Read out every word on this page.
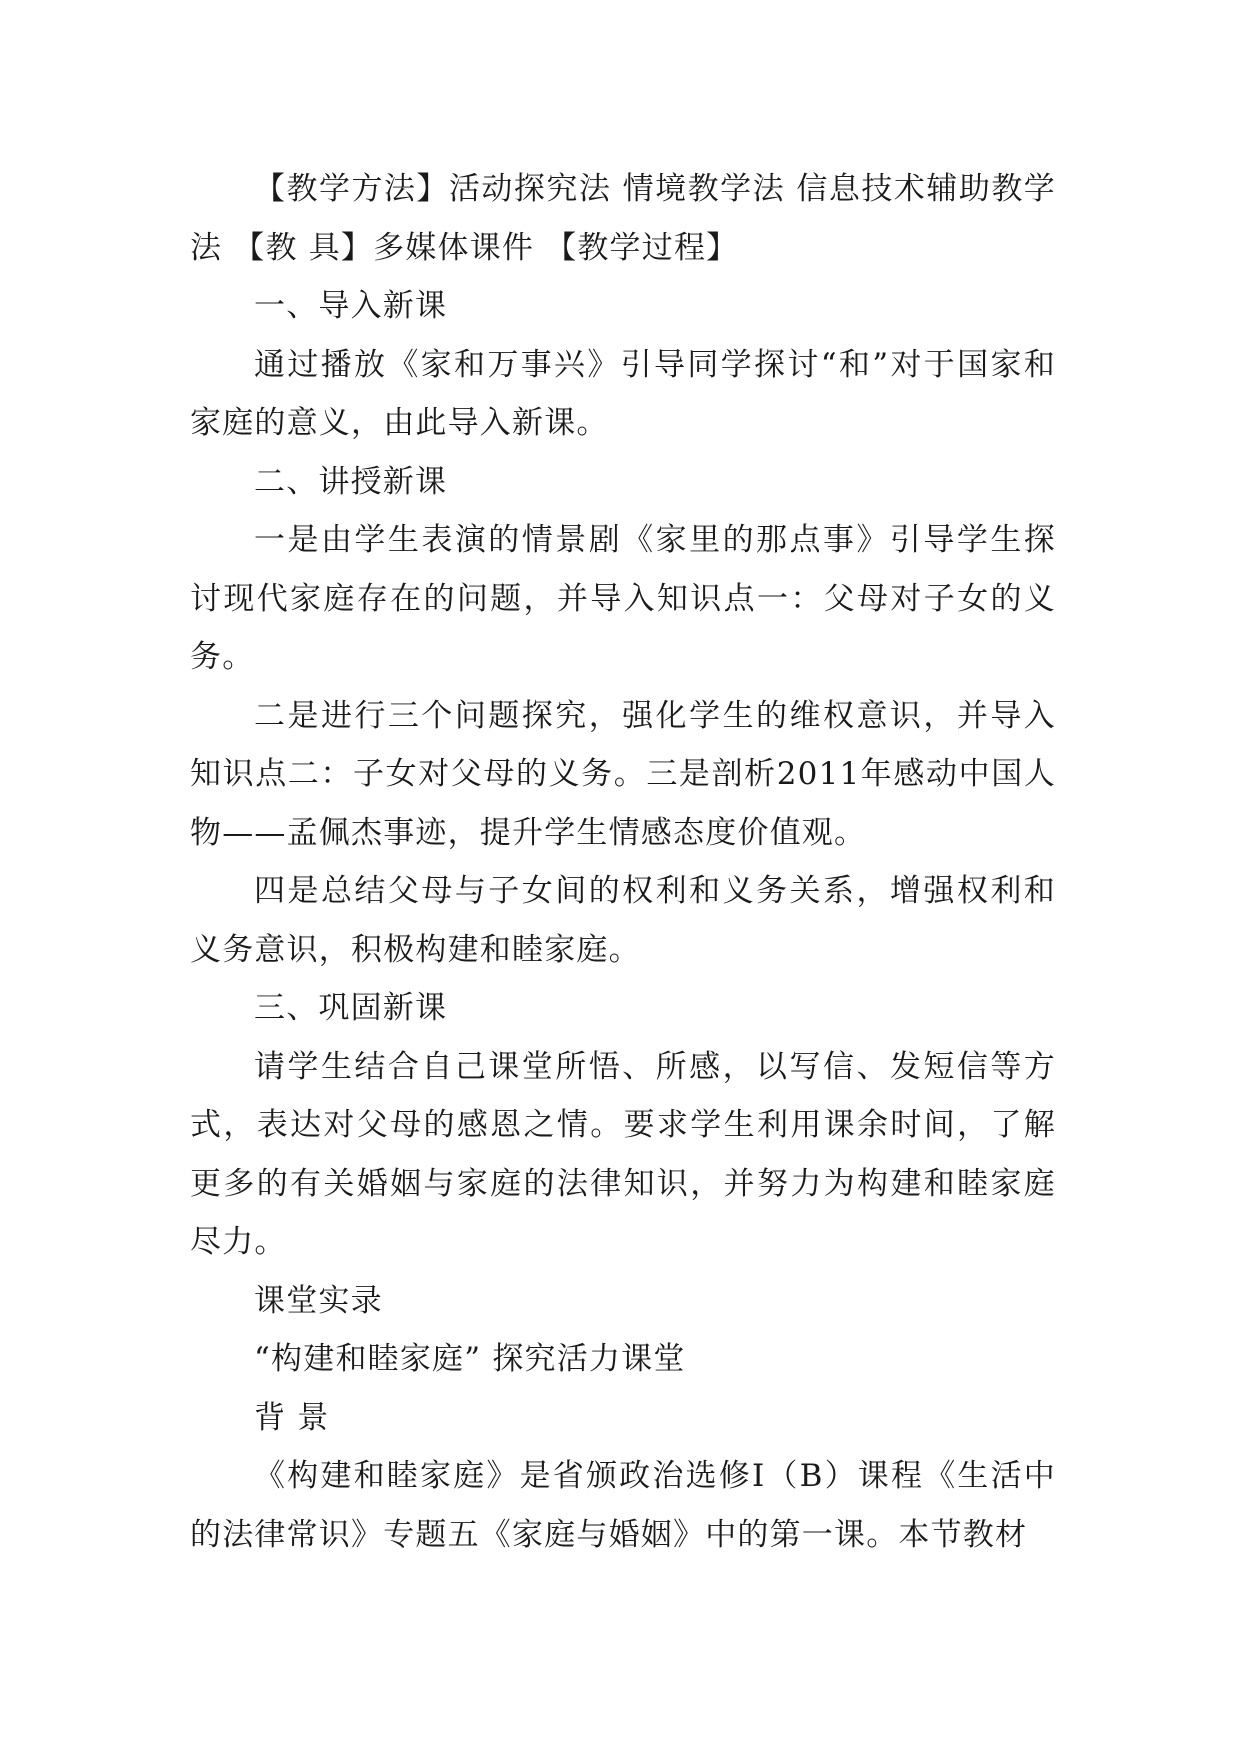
【教学方法】活动探究法 情境教学法 信息技术辅助教学法 【教 具】多媒体课件 【教学过程】

一、导入新课

通过播放《家和万事兴》引导同学探讨“和”对于国家和家庭的意义，由此导入新课。

二、讲授新课

一是由学生表演的情景剧《家里的那点事》引导学生探讨现代家庭存在的问题，并导入知识点一：父母对子女的义务。

二是进行三个问题探究，强化学生的维权意识，并导入知识点二：子女对父母的义务。三是剖析2011年感动中国人物——孟佩杰事迹，提升学生情感态度价值观。

四是总结父母与子女间的权利和义务关系，增强权利和义务意识，积极构建和睦家庭。

三、巩固新课

请学生结合自己课堂所悟、所感，以写信、发短信等方式，表达对父母的感恩之情。要求学生利用课余时间，了解更多的有关婚姻与家庭的法律知识，并努力为构建和睦家庭尽力。

课堂实录

“构建和睦家庭” 探究活力课堂

背 景

《构建和睦家庭》是省颁政治选修Ⅰ（B）课程《生活中的法律常识》专题五《家庭与婚姻》中的第一课。本节教材
